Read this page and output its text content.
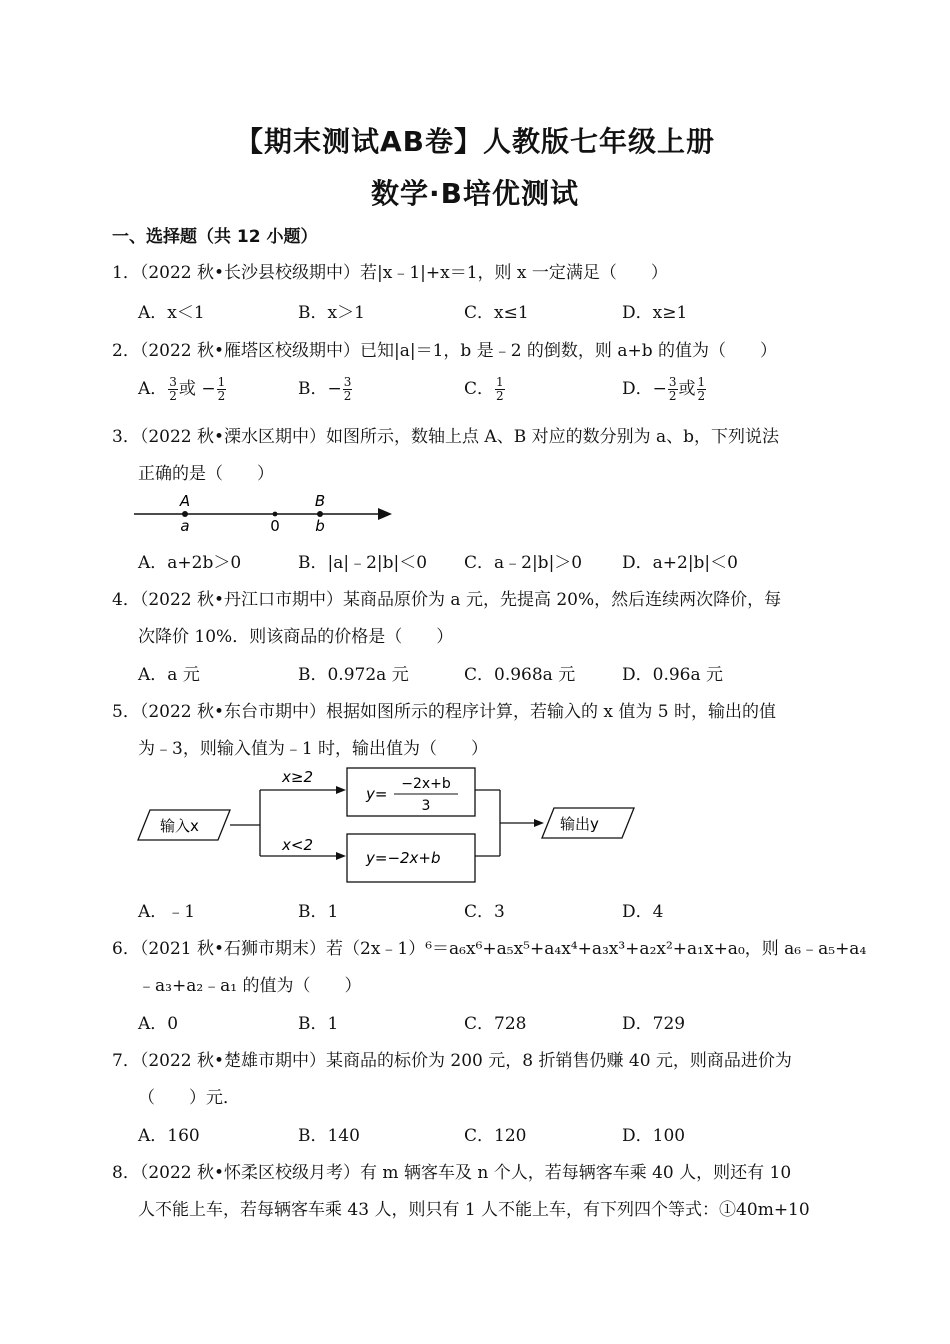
【期末测试AB卷】人教版七年级上册
数学·B培优测试
一、选择题（共 12 小题）
1．（2022 秋•长沙县校级期中）若|x﹣1|+x＝1，则 x 一定满足（　　）
A．x＜1	B．x＞1	C．x≤1	D．x≥1
2．（2022 秋•雁塔区校级期中）已知|a|＝1，b 是﹣2 的倒数，则 a+b 的值为（　　）
A． $\frac{3}{2}$ 或 − $\frac{1}{2}$	B．− $\frac{3}{2}$	C． $\frac{1}{2}$	D．− $\frac{3}{2}$ 或 $\frac{1}{2}$
3．（2022 秋•溧水区期中）如图所示，数轴上点 A、B 对应的数分别为 a、b，下列说法
正确的是（　　）
A
a	0
B
b
A．a+2b＞0	B．|a|﹣2|b|＜0 C．a﹣2|b|＞0 D．a+2|b|＜0
4．（2022 秋•丹江口市期中）某商品原价为 a 元，先提高 20%，然后连续两次降价，每
次降价 10%．则该商品的价格是（　　）
A．a 元	B．0.972a 元	C．0.968a 元	D．0.96a 元
5．（2022 秋•东台市期中）根据如图所示的程序计算，若输入的 x 值为 5 时，输出的值
为﹣3，则输入值为﹣1 时，输出值为（　　）
输入x
x≥2
x<2
y=
−2x+b
3
y=−2x+b
输出y
A．﹣1	B．1	C．3	D．4
6．（2021 秋•石狮市期末）若（2x﹣1）⁶＝a₆x⁶+a₅x⁵+a₄x⁴+a₃x³+a₂x²+a₁x+a₀，则 a₆﹣a₅+a₄
﹣a₃+a₂﹣a₁ 的值为（　　）
A．0	B．1	C．728	D．729
7．（2022 秋•楚雄市期中）某商品的标价为 200 元，8 折销售仍赚 40 元，则商品进价为
（　　）元．
A．160	B．140	C．120	D．100
8．（2022 秋•怀柔区校级月考）有 m 辆客车及 n 个人，若每辆客车乘 40 人，则还有 10
人不能上车，若每辆客车乘 43 人，则只有 1 人不能上车，有下列四个等式：①40m+10
